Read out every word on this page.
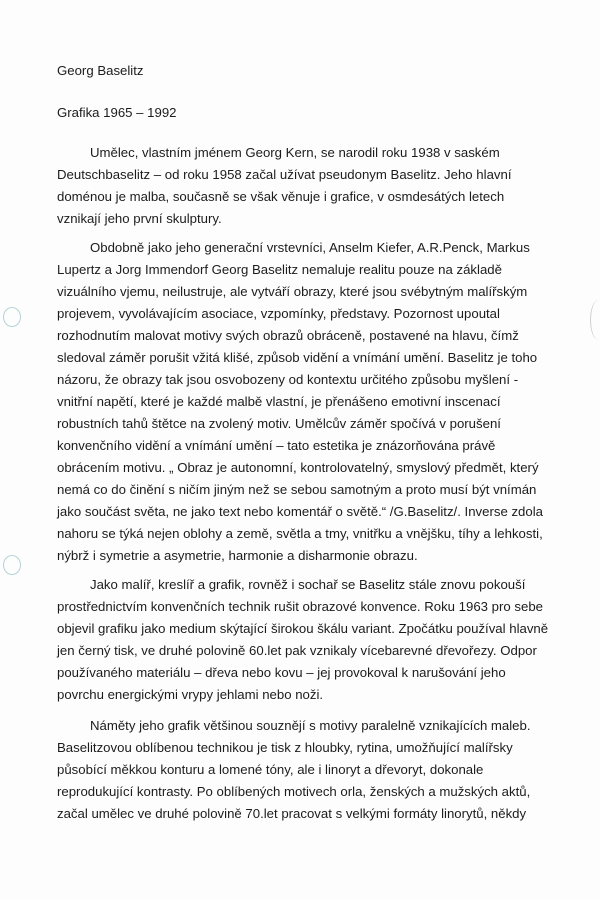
Georg Baselitz
Grafika 1965 – 1992
Umělec, vlastním jménem Georg Kern, se narodil roku 1938 v saském
Deutschbaselitz – od roku 1958 začal užívat pseudonym Baselitz. Jeho hlavní
doménou je malba, současně se však věnuje i grafice, v osmdesátých letech
vznikají jeho první skulptury.
Obdobně jako jeho generační vrstevníci, Anselm Kiefer, A.R.Penck, Markus
Lupertz a Jorg Immendorf Georg Baselitz nemaluje realitu pouze na základě
vizuálního vjemu, neilustruje, ale vytváří obrazy, které jsou svébytným malířským
projevem, vyvolávajícím asociace, vzpomínky, představy. Pozornost upoutal
rozhodnutím malovat motivy svých obrazů obráceně, postavené na hlavu, čímž
sledoval záměr porušit vžitá klišé, způsob vidění a vnímání umění. Baselitz je toho
názoru, že obrazy tak jsou osvobozeny od kontextu určitého způsobu myšlení -
vnitřní napětí, které je každé malbě vlastní, je přenášeno emotivní inscenací
robustních tahů štětce na zvolený motiv. Umělcův záměr spočívá v porušení
konvenčního vidění a vnímání umění – tato estetika je znázorňována právě
obrácením motivu. „ Obraz je autonomní, kontrolovatelný, smyslový předmět, který
nemá co do činění s ničím jiným než se sebou samotným a proto musí být vnímán
jako součást světa, ne jako text nebo komentář o světě.“ /G.Baselitz/. Inverse zdola
nahoru se týká nejen oblohy a země, světla a tmy, vnitřku a vnějšku, tíhy a lehkosti,
nýbrž i symetrie a asymetrie, harmonie a disharmonie obrazu.
Jako malíř, kreslíř a grafik, rovněž i sochař se Baselitz stále znovu pokouší
prostřednictvím konvenčních technik rušit obrazové konvence. Roku 1963 pro sebe
objevil grafiku jako medium skýtající širokou škálu variant. Zpočátku používal hlavně
jen černý tisk, ve druhé polovině 60.let pak vznikaly vícebarevné dřevořezy. Odpor
používaného materiálu – dřeva nebo kovu – jej provokoval k narušování jeho
povrchu energickými vrypy jehlami nebo noži.
Náměty jeho grafik většinou souznějí s motivy paralelně vznikajících maleb.
Baselitzovou oblíbenou technikou je tisk z hloubky, rytina, umožňující malířsky
působící měkkou konturu a lomené tóny, ale i linoryt a dřevoryt, dokonale
reprodukující kontrasty. Po oblíbených motivech orla, ženských a mužských aktů,
začal umělec ve druhé polovině 70.let pracovat s velkými formáty linorytů, někdy
